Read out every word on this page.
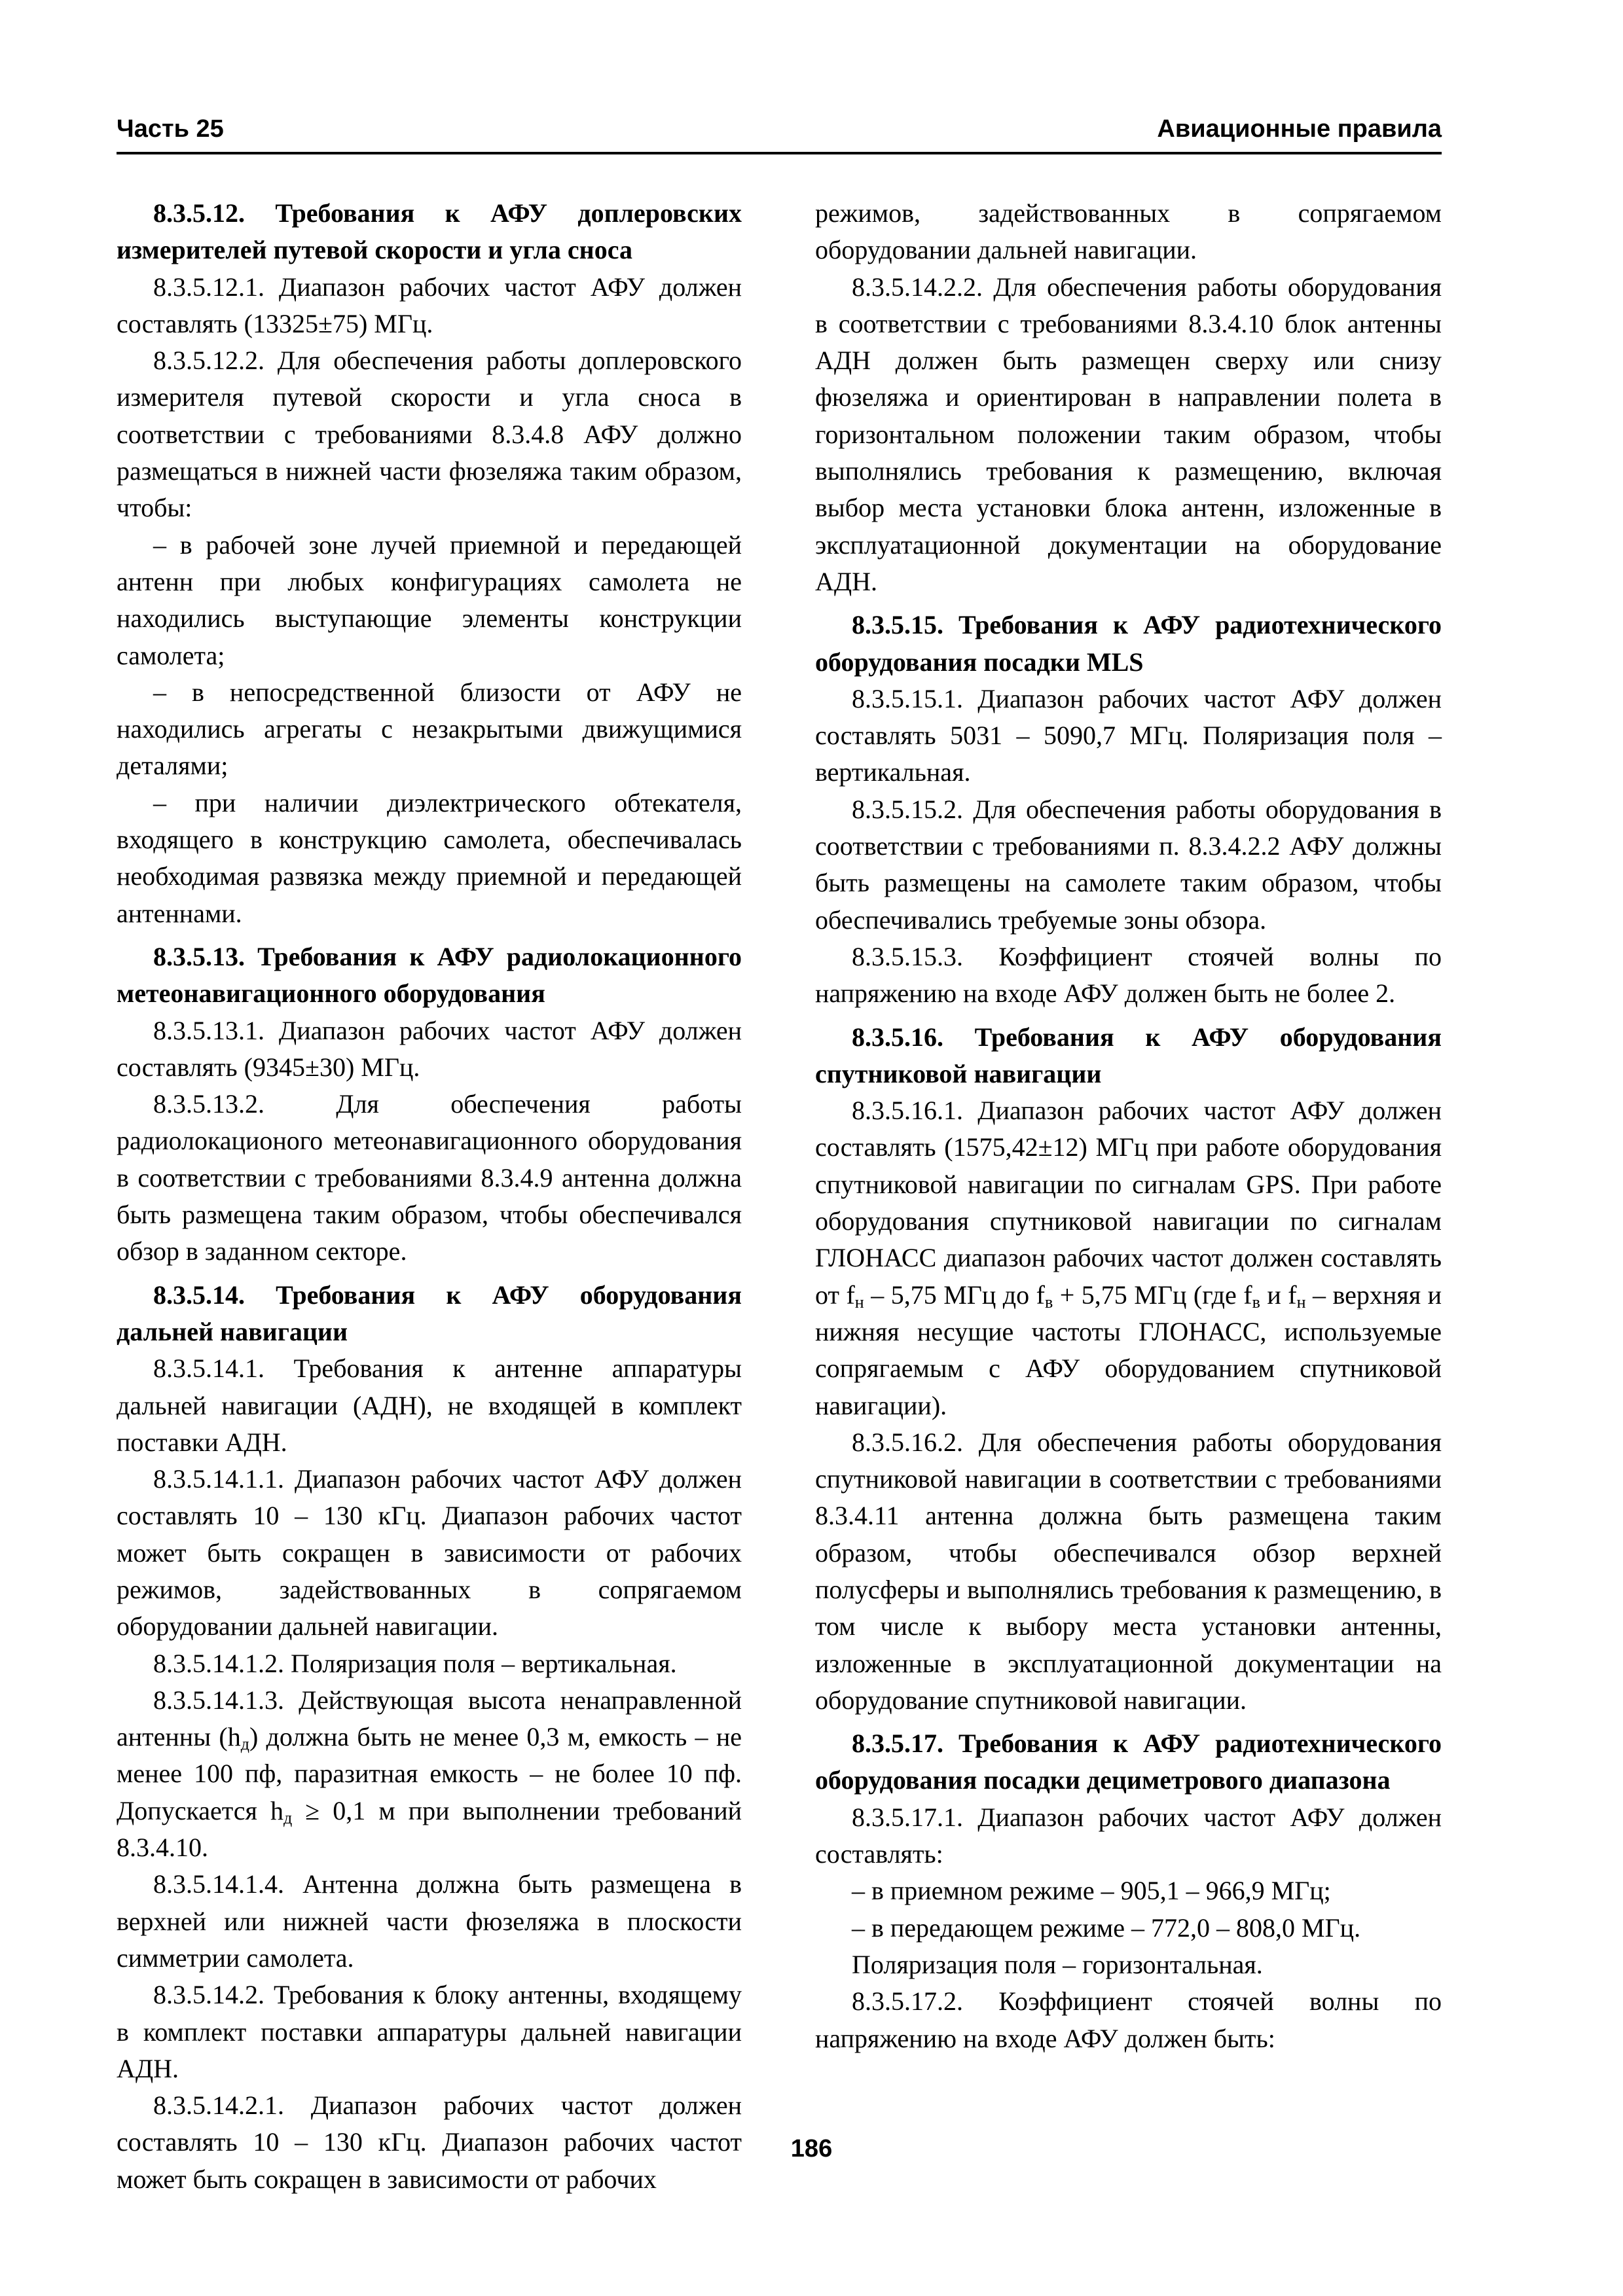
Часть 25	Авиационные правила

8.3.5.12. Требования к АФУ доплеровских измерителей путевой скорости и угла сноса

8.3.5.12.1. Диапазон рабочих частот АФУ должен составлять (13325±75) МГц.

8.3.5.12.2. Для обеспечения работы доплеровского измерителя путевой скорости и угла сноса в соответствии с требованиями 8.3.4.8 АФУ должно размещаться в нижней части фюзеляжа таким образом, чтобы:

– в рабочей зоне лучей приемной и передающей антенн при любых конфигурациях самолета не находились выступающие элементы конструкции самолета;

– в непосредственной близости от АФУ не находились агрегаты с незакрытыми движущимися деталями;

– при наличии диэлектрического обтекателя, входящего в конструкцию самолета, обеспечивалась необходимая развязка между приемной и передающей антеннами.

8.3.5.13. Требования к АФУ радиолокационного метеонавигационного оборудования

8.3.5.13.1. Диапазон рабочих частот АФУ должен составлять (9345±30) МГц.

8.3.5.13.2. Для обеспечения работы радиолокационого метеонавигационного оборудования в соответствии с требованиями 8.3.4.9 антенна должна быть размещена таким образом, чтобы обеспечивался обзор в заданном секторе.

8.3.5.14. Требования к АФУ оборудования дальней навигации

8.3.5.14.1. Требования к антенне аппаратуры дальней навигации (АДН), не входящей в комплект поставки АДН.

8.3.5.14.1.1. Диапазон рабочих частот АФУ должен составлять 10 – 130 кГц. Диапазон рабочих частот может быть сокращен в зависимости от рабочих режимов, задействованных в сопрягаемом оборудовании дальней навигации.

8.3.5.14.1.2. Поляризация поля – вертикальная.

8.3.5.14.1.3. Действующая высота ненаправленной антенны $(h_д)$ должна быть не менее 0,3 м, емкость – не менее 100 пф, паразитная емкость – не более 10 пф. Допускается $h_д \ge 0,1$ м при выполнении требований 8.3.4.10.

8.3.5.14.1.4. Антенна должна быть размещена в верхней или нижней части фюзеляжа в плоскости симметрии самолета.

8.3.5.14.2. Требования к блоку антенны, входящему в комплект поставки аппаратуры дальней навигации АДН.

8.3.5.14.2.1. Диапазон рабочих частот должен составлять 10 – 130 кГц. Диапазон рабочих частот может быть сокращен в зависимости от рабочих

режимов, задействованных в сопрягаемом оборудовании дальней навигации.

8.3.5.14.2.2. Для обеспечения работы оборудования в соответствии с требованиями 8.3.4.10 блок антенны АДН должен быть размещен сверху или снизу фюзеляжа и ориентирован в направлении полета в горизонтальном положении таким образом, чтобы выполнялись требования к размещению, включая выбор места установки блока антенн, изложенные в эксплуатационной документации на оборудование АДН.

8.3.5.15. Требования к АФУ радиотехнического оборудования посадки MLS

8.3.5.15.1. Диапазон рабочих частот АФУ должен составлять 5031 – 5090,7 МГц. Поляризация поля – вертикальная.

8.3.5.15.2. Для обеспечения работы оборудования в соответствии с требованиями п. 8.3.4.2.2 АФУ должны быть размещены на самолете таким образом, чтобы обеспечивались требуемые зоны обзора.

8.3.5.15.3. Коэффициент стоячей волны по напряжению на входе АФУ должен быть не более 2.

8.3.5.16. Требования к АФУ оборудования спутниковой навигации

8.3.5.16.1. Диапазон рабочих частот АФУ должен составлять (1575,42±12) МГц при работе оборудования спутниковой навигации по сигналам GPS. При работе оборудования спутниковой навигации по сигналам ГЛОНАСС диапазон рабочих частот должен составлять от $f_н - 5,75$ МГц до $f_в + 5,75$ МГц (где $f_в$ и $f_н$ – верхняя и нижняя несущие частоты ГЛОНАСС, используемые сопрягаемым с АФУ оборудованием спутниковой навигации).

8.3.5.16.2. Для обеспечения работы оборудования спутниковой навигации в соответствии с требованиями 8.3.4.11 антенна должна быть размещена таким образом, чтобы обеспечивался обзор верхней полусферы и выполнялись требования к размещению, в том числе к выбору места установки антенны, изложенные в эксплуатационной документации на оборудование спутниковой навигации.

8.3.5.17. Требования к АФУ радиотехнического оборудования посадки дециметрового диапазона

8.3.5.17.1. Диапазон рабочих частот АФУ должен составлять:

– в приемном режиме – 905,1 – 966,9 МГц;

– в передающем режиме – 772,0 – 808,0 МГц.

Поляризация поля – горизонтальная.

8.3.5.17.2. Коэффициент стоячей волны по напряжению на входе АФУ должен быть:

186
